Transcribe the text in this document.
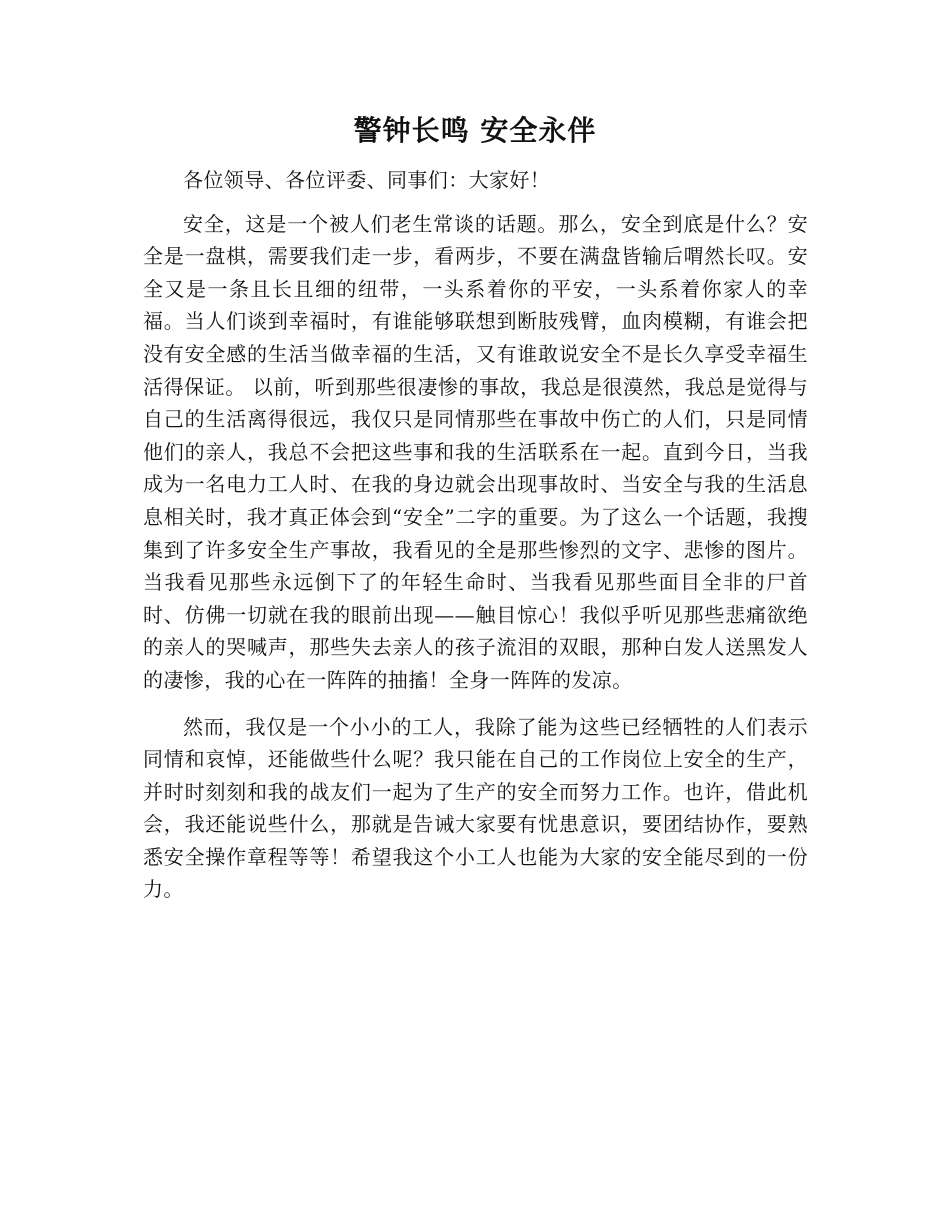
警钟长鸣 安全永伴

各位领导、各位评委、同事们：大家好！

安全，这是一个被人们老生常谈的话题。那么，安全到底是什么？安全是一盘棋，需要我们走一步，看两步，不要在满盘皆输后喟然长叹。安全又是一条且长且细的纽带，一头系着你的平安，一头系着你家人的幸福。当人们谈到幸福时，有谁能够联想到断肢残臂，血肉模糊，有谁会把没有安全感的生活当做幸福的生活，又有谁敢说安全不是长久享受幸福生活得保证。 以前，听到那些很凄惨的事故，我总是很漠然，我总是觉得与自己的生活离得很远，我仅只是同情那些在事故中伤亡的人们，只是同情他们的亲人，我总不会把这些事和我的生活联系在一起。直到今日，当我成为一名电力工人时、在我的身边就会出现事故时、当安全与我的生活息息相关时，我才真正体会到“安全”二字的重要。为了这么一个话题，我搜集到了许多安全生产事故，我看见的全是那些惨烈的文字、悲惨的图片。当我看见那些永远倒下了的年轻生命时、当我看见那些面目全非的尸首时、仿佛一切就在我的眼前出现——触目惊心！我似乎听见那些悲痛欲绝的亲人的哭喊声，那些失去亲人的孩子流泪的双眼，那种白发人送黑发人的凄惨，我的心在一阵阵的抽搐！全身一阵阵的发凉。

然而，我仅是一个小小的工人，我除了能为这些已经牺牲的人们表示同情和哀悼，还能做些什么呢？我只能在自己的工作岗位上安全的生产，并时时刻刻和我的战友们一起为了生产的安全而努力工作。也许，借此机会，我还能说些什么，那就是告诫大家要有忧患意识，要团结协作，要熟悉安全操作章程等等！希望我这个小工人也能为大家的安全能尽到的一份力。
